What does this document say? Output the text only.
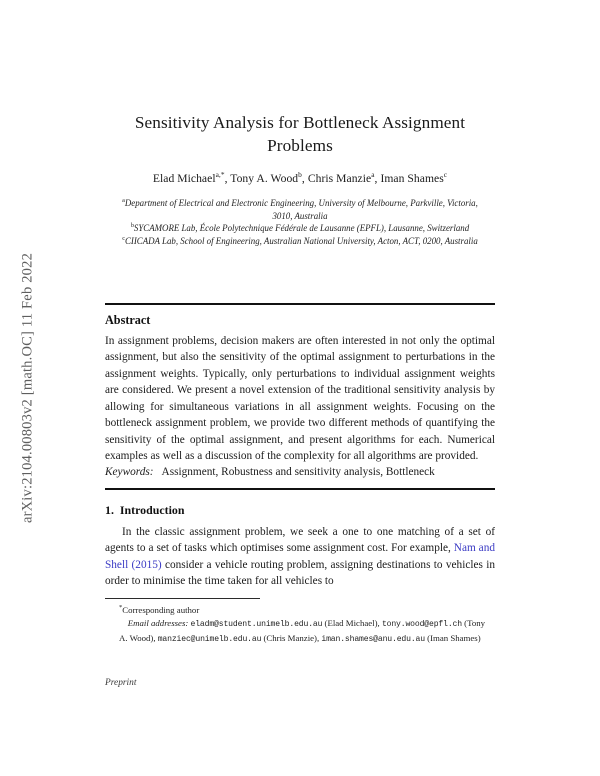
arXiv:2104.00803v2 [math.OC] 11 Feb 2022
Sensitivity Analysis for Bottleneck Assignment
Problems
Elad Michael$^{a,*}$, Tony A. Wood$^b$, Chris Manzie$^a$, Iman Shames$^c$

$^a$Department of Electrical and Electronic Engineering, University of Melbourne, Parkville, Victoria, 3010, Australia

$^b$SYCAMORE Lab, École Polytechnique Fédérale de Lausanne (EPFL), Lausanne, Switzerland

$^c$CIICADA Lab, School of Engineering, Australian National University, Acton, ACT, 0200, Australia

Abstract
In assignment problems, decision makers are often interested in not only the optimal assignment, but also the sensitivity of the optimal assignment to perturbations in the assignment weights. Typically, only perturbations to individual assignment weights are considered. We present a novel extension of the traditional sensitivity analysis by allowing for simultaneous variations in all assignment weights. Focusing on the bottleneck assignment problem, we provide two different methods of quantifying the sensitivity of the optimal assignment, and present algorithms for each. Numerical examples as well as a discussion of the complexity for all algorithms are provided.
Keywords: Assignment, Robustness and sensitivity analysis, Bottleneck
1. Introduction
In the classic assignment problem, we seek a one to one matching of a set of agents to a set of tasks which optimises some assignment cost. For example, Nam and Shell (2015) consider a vehicle routing problem, assigning destinations to vehicles in order to minimise the time taken for all vehicles to
*Corresponding author
Email addresses: eladm@student.unimelb.edu.au (Elad Michael), tony.wood@epfl.ch (Tony A. Wood), manziec@unimelb.edu.au (Chris Manzie), iman.shames@anu.edu.au (Iman Shames)
Preprint
